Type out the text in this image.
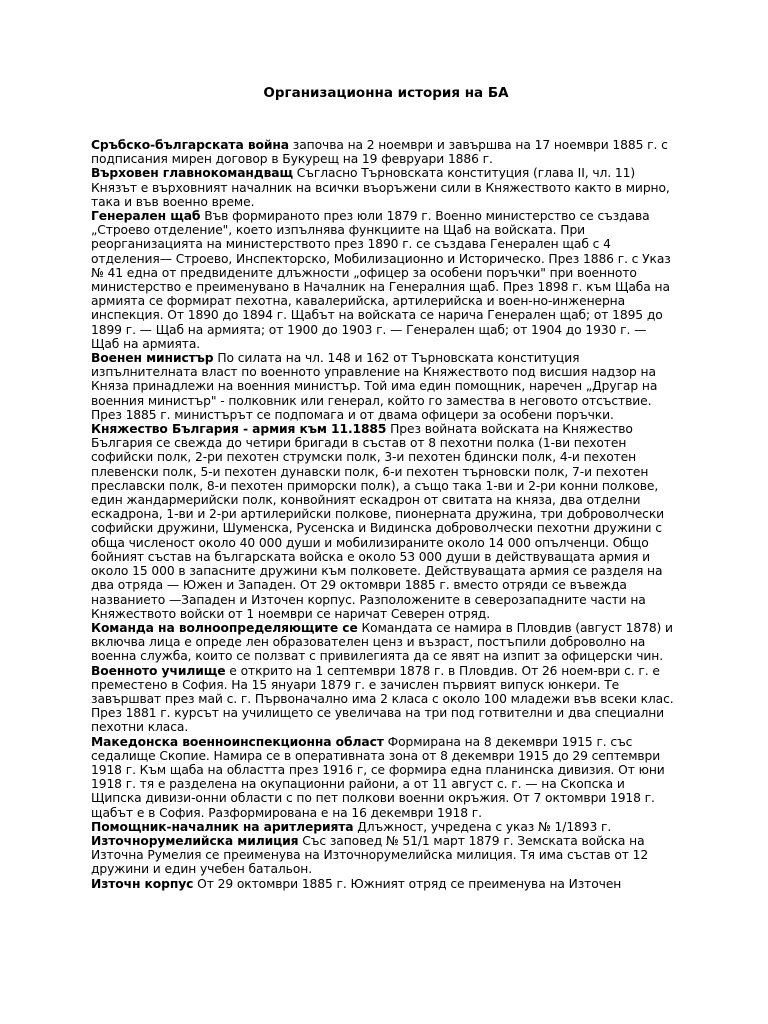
Организационна история на БА

Сръбско-българската война започва на 2 ноември и завършва на 17 ноември 1885 г. с подписания мирен договор в Букурещ на 19 февруари 1886 г.

Върховен главнокомандващ Съгласно Търновската конституция (глава II, чл. 11) Князът е върховният началник на всички въоръжени сили в Княжеството както в мирно, така и във военно време.

Генерален щаб Във формираното през юли 1879 г. Военно министерство се създава „Строево отделение", което изпълнява функциите на Щаб на войската. При реорганизацията на министерството през 1890 г. се създава Генерален щаб с 4 отделения— Строево, Инспекторско, Мобилизационно и Историческо. През 1886 г. с Указ № 41 една от предвидените длъжности „офицер за особени поръчки" при военното министерство е преименувано в Началник на Генералния щаб. През 1898 г. към Щаба на армията се формират пехотна, кавалерийска, артилерийска и воен-но-инженерна инспекция. От 1890 до 1894 г. Щабът на войската се нарича Генерален щаб; от 1895 до 1899 г. — Щаб на армията; от 1900 до 1903 г. — Генерален щаб; от 1904 до 1930 г. — Щаб на армията.

Военен министър По силата на чл. 148 и 162 от Търновската конституция изпълнителната власт по военното управление на Княжеството под висшия надзор на Княза принадлежи на военния министър. Той има един помощник, наречен „Другар на военния министър" - полковник или генерал, който го замества в неговото отсъствие. През 1885 г. министърът се подпомага и от двама офицери за особени поръчки.

Княжество България - армия към 11.1885 През войната войската на Княжество България се свежда до четири бригади в състав от 8 пехотни полка (1-ви пехотен софийски полк, 2-ри пехотен струмски полк, 3-и пехотен бдински полк, 4-и пехотен плевенски полк, 5-и пехотен дунавски полк, 6-и пехотен търновски полк, 7-и пехотен преславски полк, 8-и пехотен приморски полк), а също така 1-ви и 2-ри конни полкове, един жандармерийски полк, конвойният ескадрон от свитата на княза, два отделни ескадрона, 1-ви и 2-ри артилерийски полкове, пионерната дружина, три доброволчески софийски дружини, Шуменска, Русенска и Видинска доброволчески пехотни дружини с обща численост около 40 000 души и мобилизираните около 14 000 опълченци. Общо бойният състав на българската войска е около 53 000 души в действуващата армия и около 15 000 в запасните дружини към полковете. Действуващата армия се разделя на два отряда — Южен и Западен. От 29 октомври 1885 г. вместо отряди се въвежда названието —Западен и Източен корпус. Разположените в северозападните части на Княжеството войски от 1 ноември се наричат Северен отряд.

Команда на волноопределяющите се Командата се намира в Пловдив (август 1878) и включва лица е опреде лен образователен ценз и възраст, постъпили доброволно на военна служба, които се ползват с привилегията да се явят на изпит за офицерски чин.

Военното училище е открито на 1 септември 1878 г. в Пловдив. От 26 ноем-ври с. г. е преместено в София. На 15 януари 1879 г. е зачислен първият випуск юнкери. Те завършват през май с. г. Първоначално има 2 класа с около 100 младежи във всеки клас. През 1881 г. курсът на училището се увеличава на три под готвителни и два специални пехотни класа.

Македонска военноинспекционна област Формирана на 8 декември 1915 г. със седалище Скопие. Намира се в оперативната зона от 8 декември 1915 до 29 септември 1918 г. Към щаба на областта през 1916 г, се формира една планинска дивизия. От юни 1918 г. тя е разделена на окупационни райони, а от 11 август с. г. — на Скопска и Щипска дивизи-онни области с по пет полкови военни окръжия. От 7 октомври 1918 г. щабът е в София. Разформирована е на 16 декември 1918 г.

Помощник-началник на аритлерията Длъжност, учредена с указ № 1/1893 г.

Източнорумелийска милиция Със заповед № 51/1 март 1879 г. Земската войска на Източна Румелия се преименува на Източнорумелийска милиция. Тя има състав от 12 дружини и един учебен батальон.

Източн корпус От 29 октомври 1885 г. Южният отряд се преименува на Източен
